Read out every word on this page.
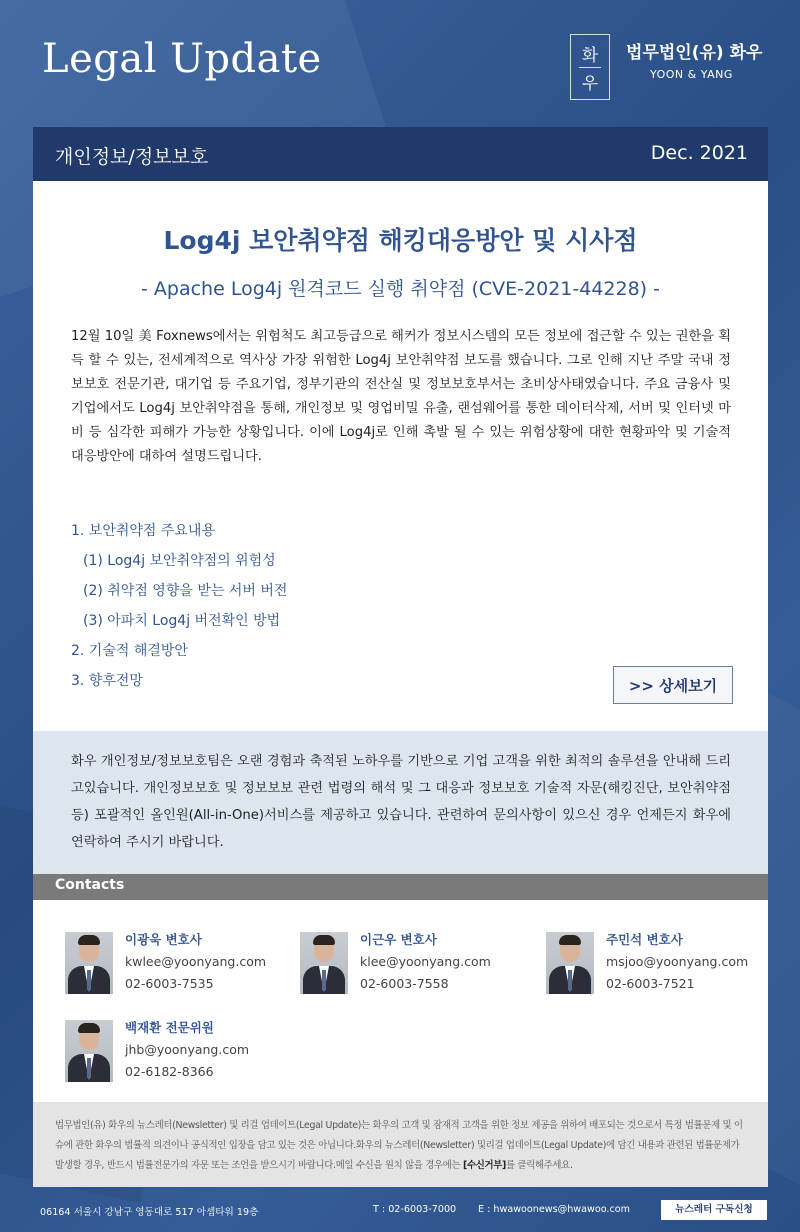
Legal Update	화
우
법무법인(유) 화우
YOON & YANG
개인정보/정보보호	Dec. 2021
Log4j 보안취약점 해킹대응방안 및 시사점
- Apache Log4j 원격코드 실행 취약점 (CVE-2021-44228) -
12월 10일 美 Foxnews에서는 위험척도 최고등급으로 해커가 정보시스템의 모든 정보에 접근할 수 있는 권한을 획득 할 수 있는, 전세계적으로 역사상 가장 위험한 Log4j 보안취약점 보도를 했습니다. 그로 인해 지난 주말 국내 정보보호 전문기관, 대기업 등 주요기업, 정부기관의 전산실 및 정보보호부서는 초비상사태였습니다. 주요 금융사 및 기업에서도 Log4j 보안취약점을 통해, 개인정보 및 영업비밀 유출, 랜섬웨어를 통한 데이터삭제, 서버 및 인터넷 마비 등 심각한 피해가 가능한 상황입니다. 이에 Log4j로 인해 촉발 될 수 있는 위험상황에 대한 현황파악 및 기술적 대응방안에 대하여 설명드립니다.
1. 보안취약점 주요내용
(1) Log4j 보안취약점의 위험성
(2) 취약점 영향을 받는 서버 버전
(3) 아파치 Log4j 버전확인 방법
2. 기술적 해결방안
3. 향후전망	>> 상세보기
화우 개인정보/정보보호팀은 오랜 경험과 축적된 노하우를 기반으로 기업 고객을 위한 최적의 솔루션을 안내해 드리고있습니다. 개인정보보호 및 정보보보 관련 법령의 해석 및 그 대응과 정보보호 기술적 자문(해킹진단, 보안취약점 등) 포괄적인 올인원(All-in-One)서비스를 제공하고 있습니다. 관련하여 문의사항이 있으신 경우 언제든지 화우에 연락하여 주시기 바랍니다.
Contacts
이광욱 변호사
kwlee@yoonyang.com
02-6003-7535
이근우 변호사
klee@yoonyang.com
02-6003-7558
주민석 변호사
msjoo@yoonyang.com
02-6003-7521
백재환 전문위원
jhb@yoonyang.com
02-6182-8366
법무법인(유) 화우의 뉴스레터(Newsletter) 및 리걸 업데이트(Legal Update)는 화우의 고객 및 잠재적 고객을 위한 정보 제공을 위하여 배포되는 것으로서 특정 법률문제 및 이슈에 관한 화우의 법률적 의견이나 공식적인 입장을 담고 있는 것은 아닙니다.화우의 뉴스레터(Newsletter) 및리걸 업데이트(Legal Update)에 담긴 내용과 관련된 법률문제가 발생할 경우, 반드시 법률전문가의 자문 또는 조언을 받으시기 바랍니다.메일 수신을 원치 않을 경우에는 [수신거부]를 클릭해주세요.
06164 서울시 강남구 영동대로 517 아셈타워 19층	T : 02-6003-7000 E : hwawoonews@hwawoo.com	뉴스레터 구독신청
